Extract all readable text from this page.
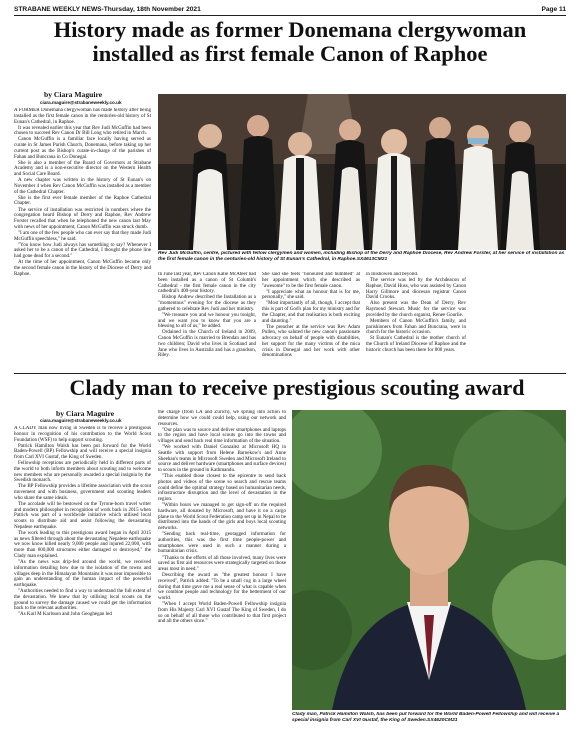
STRABANE WEEKLY NEWS-Thursday, 18th November 2021	Page 11
History made as former Donemana clergywoman
installed as first female Canon of Raphoe
by Ciara Maguire
ciara.maguire@strabaneweekly.co.uk

A FORMER Donemana clergywoman has made history after being installed as the first female canon in the centuries-old history of St Eunan's Cathedral, in Raphoe.

It was revealed earlier this year that Rev Judi McGuffin had been chosen to succeed Rev Canon Dr Bill Long who retired in March.

Canon McGuffin is a familiar face locally having served as curate in St James Parish Church, Donemana, before taking up her current post as the Bishop's curate-in-charge of the parishes of Fahan and Buncrana in Co Donegal.

She is also a member of the Board of Governors at Strabane Academy and is a non-executive director on the Western Health and Social Care Board.

A new chapter was written in the history of St Eunan's on November 4 when Rev Canon McGuffin was installed as a member of the Cathedral Chapter.

She is the first ever female member of the Raphoe Cathedral Chapter.

The service of installation was restricted in numbers where the congregation heard Bishop of Derry and Raphoe, Rev Andrew Forster recalled that when he telephoned the new canon last May with news of her appointment, Canon McGuffin was struck dumb.

"I am one of the few people who can ever say that they made Judi McGuffin speechless," he said.

"You know how Judi always has something to say? Whenever I asked her to be a canon of the Cathedral, I thought the phone line had gone dead for a second."

At the time of her appointment, Canon McGuffin became only the second female canon in the history of the Diocese of Derry and Raphoe.

Rev Judi McGuffin, centre, pictured with fellow clergymen and women, including Bishop of the Derry and Raphoe Diocese, Rev Andrew Forster, at her service of installation as the first female canon in the centuries-old history of St Eunan's Cathedral, in Raphoe.SX4613CM21

In June last year, Rev Canon Katie McAteer had been installed as a canon of St Columb's Cathedral - the first female canon in the city cathedral's 400-year history.

Bishop Andrew described the Installation as a "momentous" evening for the diocese as they gathered to celebrate Rev Judi and her ministry.

"We treasure you and we honour you tonight, and we want you to know that you are a blessing to all of us," he added.

Ordained in the Church of Ireland in 2009, Canon McGuffin is married to Brendan and has two children; David who lives in Scotland and Jane who lives in Australia and has a grandson, Riley.

She said she feels "honoured and humbled" at her appointment which she described as "awesome" to be the first female canon.

"I appreciate what an honour that is for me, personally," she said.

"Most importantly of all, though, I accept that this is part of God's plan for my ministry and for the Chapter, and that realisation is both exciting and daunting."

The preacher at the service was Rev Adam Pullen, who saluted the new canon's passionate advocacy on behalf of people with disabilities, her support for the many victims of the mica crisis in Donegal and her work with other denominations

in Inishowen and beyond.

The service was led by the Archdeacon of Raphoe, David Huss, who was assisted by Canon Harry Gillmore and diocesan registrar Canon David Crooks.

Also present was the Dean of Derry, Rev Raymond Stewart. Music for the service was provided by the church organist, Renee Gourlie.

Members of Canon McGuffin's family, and parishioners from Fahan and Buncrana, were in church for the historic occasion.

St Eunan's Cathedral is the mother church of the Church of Ireland Diocese of Raphoe and the historic church has been there for 800 years.

Clady man to receive prestigious scouting award
by Ciara Maguire
ciara.maguire@strabaneweekly.co.uk

A CLADY man now living in Sweden is to receive a prestigious honour in recognition of his contribution to the World Scout Foundation (WSF) to help support scouting.

Patrick Hamilton Walsh has been put forward for the World Baden-Powell (BP) Fellowship and will receive a special insignia from Carl XVI Gustaf, the King of Sweden.

Fellowship receptions are periodically held in different parts of the world to both inform members about scouting and to welcome new members who are personally awarded a special insignia by the Swedish monarch.

The BP Fellowship provides a lifetime association with the scout movement and with business, government and scouting leaders who share the same ideals.

The accolade will be bestowed on the Tyrone-born travel writer and modern philosopher in recognition of work back in 2015 when Patrick was part of a worldwide initiative which utilised local scouts to distribute aid and assist following the devastating Nepalese earthquake.

The work leading to this prestigious award began in April 2015 as news filtered through about the devastating Nepalese earthquake we now know killed nearly 9,000 people and injured 22,000, with more than 600,000 structures either damaged or destroyed," the Clady man explained.

"As the news was drip-fed around the world, we received information detailing how due to the isolation of the towns and villages deep in the Himalayan Mountains it was near impossible to gain an understanding of the human impact of the powerful earthquake.

"Authorities needed to find a way to understand the full extent of the devastation. We knew that by utilising local scouts on the ground to survey the damage caused we could get the information back to the relevant authorities.

"As Karl M Karlsson and John Geoghegan led

the charge (from LA and Zurich), we sprung into action to determine how we could could help, using our network and resources.

"Our plan was to source and deliver smartphones and laptops to the region and have local scouts go into the towns and villages and send back real time information of the situation.

"We worked with Daniel Gonzalez at Microsoft HQ in Seattle with support from Helene Barnekow's and Anne Sheehan's teams in Microsoft Sweden and Microsoft Ireland to source and deliver hardware (smartphones and surface devices) to scouts in the ground in Kathmandu.

"This enabled those closest to the epicentre to send back photos and videos of the scene so search and rescue teams could define the optimal strategy based on humanitarian needs, infrastructure disruption and the level of devastation in the region.

"Within hours we managed to get sign-off on the required hardware, all donated by Microsoft, and have it on a cargo plane to the World Scout Federation camp set up in Nepal to be distributed into the hands of the girls and boys local scouting networks.

"Sending back real-time, geotagged information for authorities, this was the first time people-power and smartphones were used in such a manner during a humanitarian crisis.

"Thanks to the efforts of all those involved, many lives were saved as first aid resources were strategically targeted on those areas most in need."

Describing the award as "the greatest honour I have received", Patrick added: "To be a small cog in a large wheel during that time gave me a real sense of what is capable when we combine people and technology for the betterment of our world.

"When I accept World Baden-Powell Fellowship insignia from His Majesty Carl XVI Gustaf The King of Sweden, I do so on behalf of all those who contributed to that first project and all the others since."

Clady man, Patrick Hamilton Walsh, has been put forward for the World Baden-Powell Fellowship and will receive a special insignia from Carl XVI Gustaf, the King of Sweden.SX4620CM21
